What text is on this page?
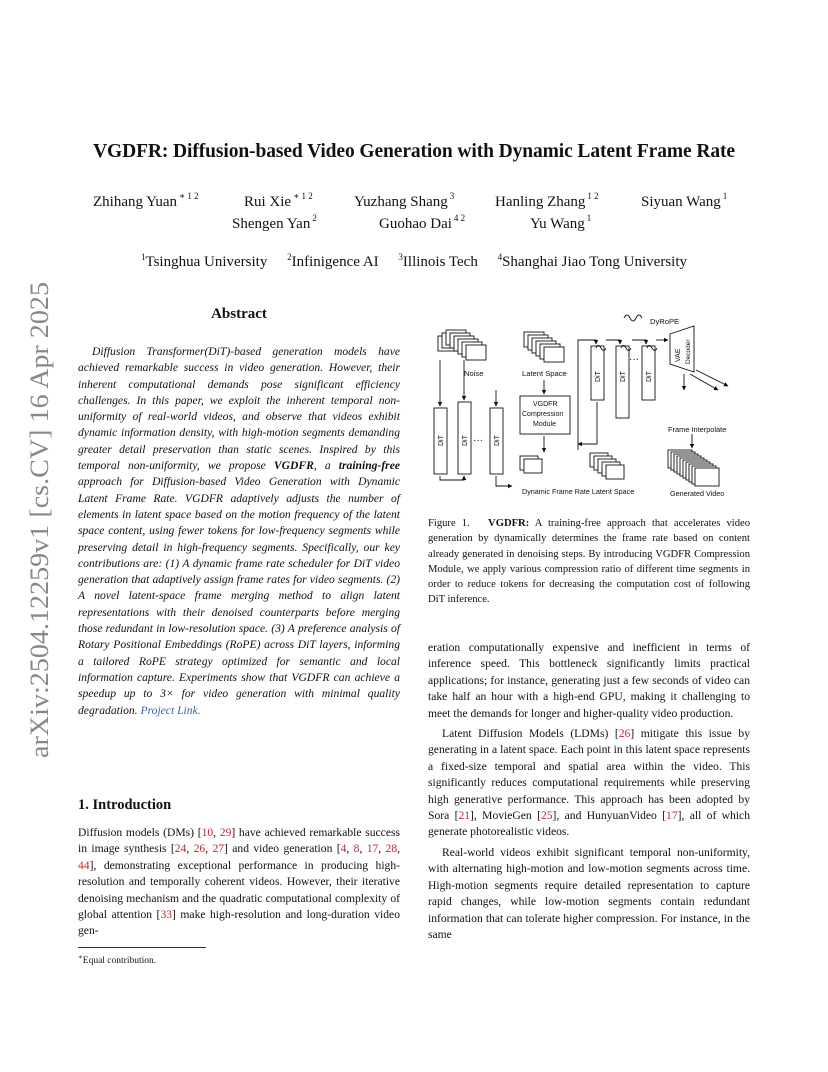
arXiv:2504.12259v1 [cs.CV] 16 Apr 2025
VGDFR: Diffusion-based Video Generation with Dynamic Latent Frame Rate
Zhihang Yuan $^{∗ 1 2}$	Rui Xie $^{∗ 1 2}$	Yuzhang Shang $^3$	Hanling Zhang $^{1 2}$	Siyuan Wang $^1$
Shengen Yan $^2$	Guohao Dai $^{4 2}$	Yu Wang $^1$
$^1$Tsinghua University $^2$Infinigence AI $^3$Illinois Tech $^4$Shanghai Jiao Tong University
Abstract
Diffusion Transformer(DiT)-based generation models have achieved remarkable success in video generation. However, their inherent computational demands pose significant efficiency challenges. In this paper, we exploit the inherent temporal non-uniformity of real-world videos, and observe that videos exhibit dynamic information density, with high-motion segments demanding greater detail preservation than static scenes. Inspired by this temporal non-uniformity, we propose VGDFR, a training-free approach for Diffusion-based Video Generation with Dynamic Latent Frame Rate. VGDFR adaptively adjusts the number of elements in latent space based on the motion frequency of the latent space content, using fewer tokens for low-frequency segments while preserving detail in high-frequency segments. Specifically, our key contributions are: (1) A dynamic frame rate scheduler for DiT video generation that adaptively assign frame rates for video segments. (2) A novel latent-space frame merging method to align latent representations with their denoised counterparts before merging those redundant in low-resolution space. (3) A preference analysis of Rotary Positional Embeddings (RoPE) across DiT layers, informing a tailored RoPE strategy optimized for semantic and local information capture. Experiments show that VGDFR can achieve a speedup up to 3× for video generation with minimal quality degradation. Project Link.
1. Introduction
Diffusion models (DMs) [10, 29] have achieved remarkable success in image synthesis [24, 26, 27] and video generation [4, 8, 17, 28, 44], demonstrating exceptional performance in producing high-resolution and temporally coherent videos. However, their iterative denoising mechanism and the quadratic computational complexity of global attention [33] make high-resolution and long-duration video gen-
∗Equal contribution.
Noise
DiT DiT	DiT
···
Latent Space
VGDFR
Compression
Module
Dynamic Frame Rate Latent Space
DiT	DiT	DiT
···
DyRoPE
VAE Decoder
Frame Interpolate
Generated Video
Figure 1. VGDFR: A training-free approach that accelerates video generation by dynamically determines the frame rate based on content already generated in denoising steps. By introducing VGDFR Compression Module, we apply various compression ratio of different time segments in order to reduce tokens for decreasing the computation cost of following DiT inference.
eration computationally expensive and inefficient in terms of inference speed. This bottleneck significantly limits practical applications; for instance, generating just a few seconds of video can take half an hour with a high-end GPU, making it challenging to meet the demands for longer and higher-quality video production.
Latent Diffusion Models (LDMs) [26] mitigate this issue by generating in a latent space. Each point in this latent space represents a fixed-size temporal and spatial area within the video. This significantly reduces computational requirements while preserving high generative performance. This approach has been adopted by Sora [21], MovieGen [25], and HunyuanVideo [17], all of which generate photorealistic videos.
Real-world videos exhibit significant temporal non-uniformity, with alternating high-motion and low-motion segments across time. High-motion segments require detailed representation to capture rapid changes, while low-motion segments contain redundant information that can tolerate higher compression. For instance, in the same
